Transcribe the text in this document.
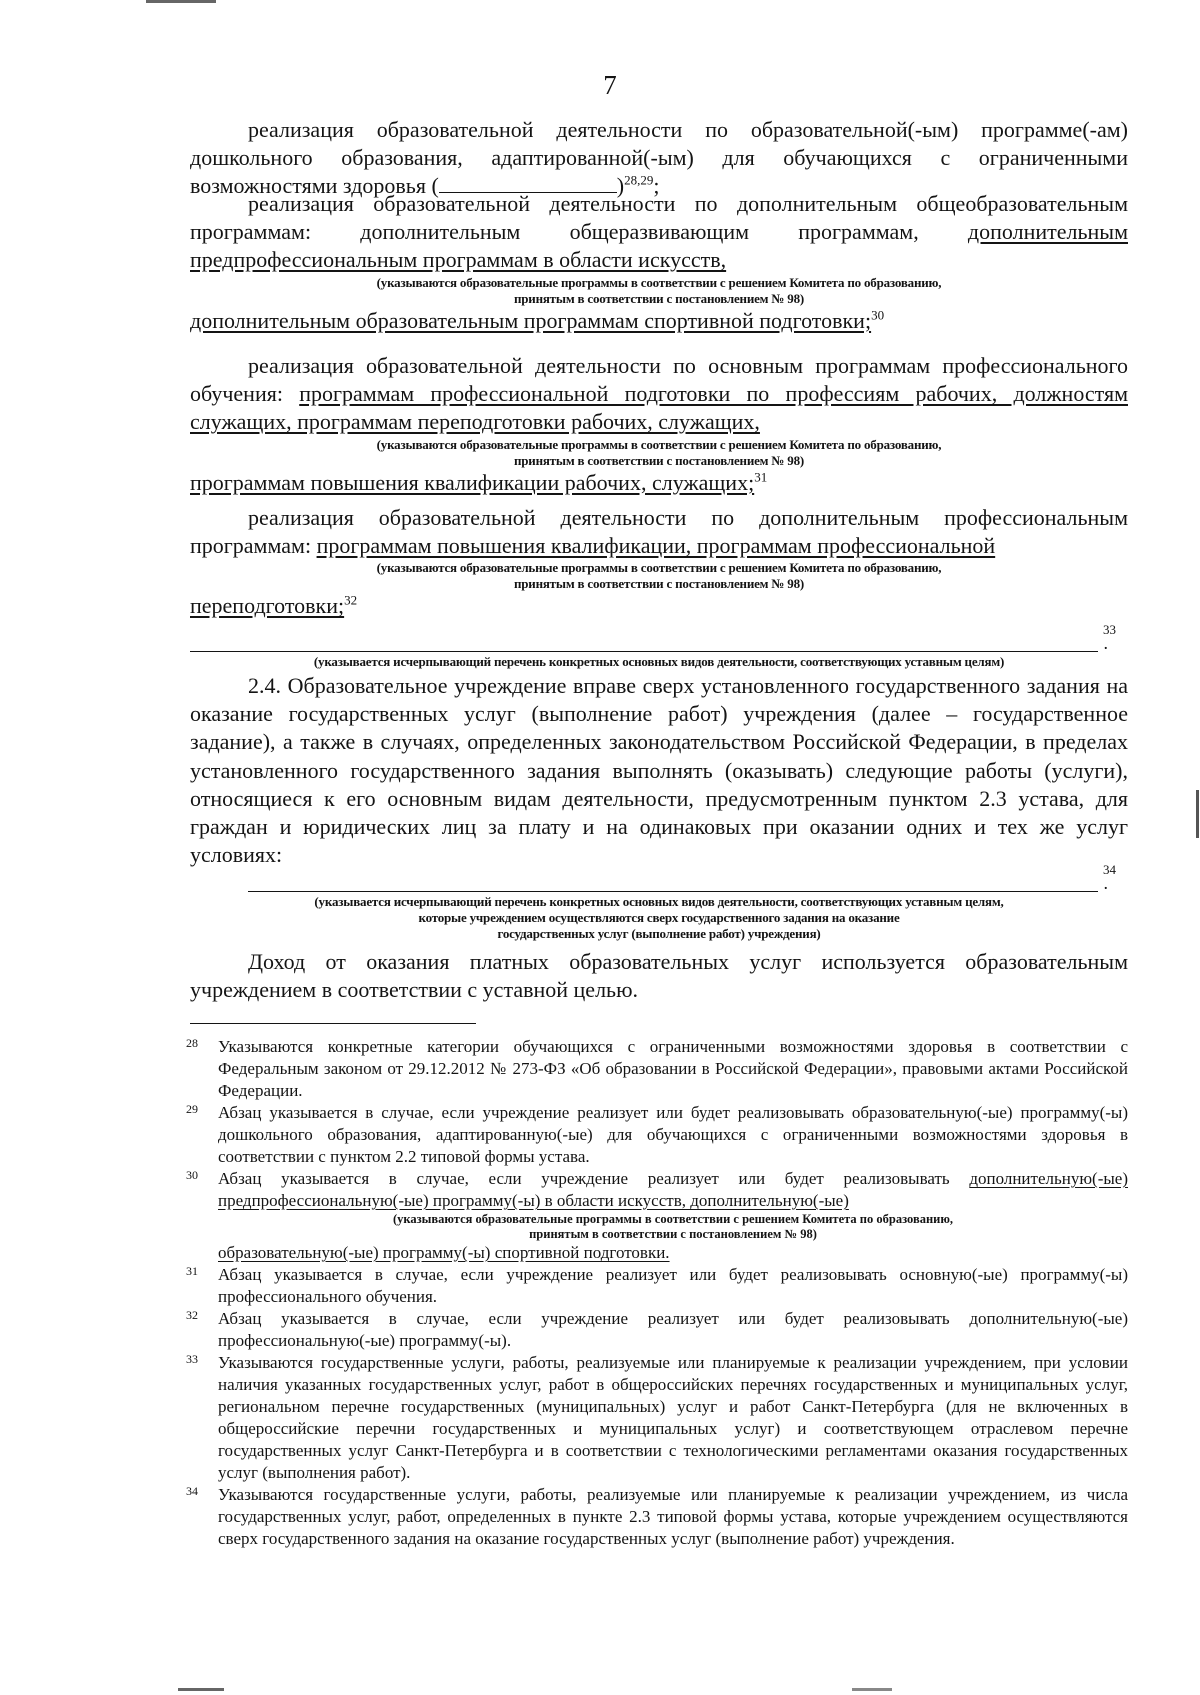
7

реализация образовательной деятельности по образовательной(-ым) программе(-ам) дошкольного образования, адаптированной(-ым) для обучающихся с ограниченными возможностями здоровья (	)$^{28,29}$;

реализация образовательной деятельности по дополнительным общеобразовательным программам: дополнительным общеразвивающим программам, дополнительным предпрофессиональным программам в области искусств,

(указываются образовательные программы в соответствии с решением Комитета по образованию,

принятым в соответствии с постановлением № 98)

дополнительным образовательным программам спортивной подготовки;$^{30}$

реализация образовательной деятельности по основным программам профессионального обучения: программам профессиональной подготовки по профессиям рабочих, должностям служащих, программам переподготовки рабочих, служащих,

(указываются образовательные программы в соответствии с решением Комитета по образованию,

принятым в соответствии с постановлением № 98)

программам повышения квалификации рабочих, служащих;$^{31}$

реализация образовательной деятельности по дополнительным профессиональным программам: программам повышения квалификации, программам профессиональной

(указываются образовательные программы в соответствии с решением Комитета по образованию,

принятым в соответствии с постановлением № 98)

переподготовки;$^{32}$

33
.

(указывается исчерпывающий перечень конкретных основных видов деятельности, соответствующих уставным целям)

2.4. Образовательное учреждение вправе сверх установленного государственного задания на оказание государственных услуг (выполнение работ) учреждения (далее – государственное задание), а также в случаях, определенных законодательством Российской Федерации, в пределах установленного государственного задания выполнять (оказывать) следующие работы (услуги), относящиеся к его основным видам деятельности, предусмотренным пунктом 2.3 устава, для граждан и юридических лиц за плату и на одинаковых при оказании одних и тех же услуг условиях:

34
.

(указывается исчерпывающий перечень конкретных основных видов деятельности, соответствующих уставным целям,

которые учреждением осуществляются сверх государственного задания на оказание

государственных услуг (выполнение работ) учреждения)

Доход от оказания платных образовательных услуг используется образовательным учреждением в соответствии с уставной целью.

28 Указываются конкретные категории обучающихся с ограниченными возможностями здоровья в соответствии с Федеральным законом от 29.12.2012 № 273-ФЗ «Об образовании в Российской Федерации», правовыми актами Российской Федерации.

29 Абзац указывается в случае, если учреждение реализует или будет реализовывать образовательную(-ые) программу(-ы) дошкольного образования, адаптированную(-ые) для обучающихся с ограниченными возможностями здоровья в соответствии с пунктом 2.2 типовой формы устава.

30 Абзац указывается в случае, если учреждение реализует или будет реализовывать дополнительную(-ые) предпрофессиональную(-ые) программу(-ы) в области искусств, дополнительную(-ые)

(указываются образовательные программы в соответствии с решением Комитета по образованию,

принятым в соответствии с постановлением № 98)

образовательную(-ые) программу(-ы) спортивной подготовки.

31 Абзац указывается в случае, если учреждение реализует или будет реализовывать основную(-ые) программу(-ы) профессионального обучения.

32 Абзац указывается в случае, если учреждение реализует или будет реализовывать дополнительную(-ые) профессиональную(-ые) программу(-ы).

33 Указываются государственные услуги, работы, реализуемые или планируемые к реализации учреждением, при условии наличия указанных государственных услуг, работ в общероссийских перечнях государственных и муниципальных услуг, региональном перечне государственных (муниципальных) услуг и работ Санкт-Петербурга (для не включенных в общероссийские перечни государственных и муниципальных услуг) и соответствующем отраслевом перечне государственных услуг Санкт-Петербурга и в соответствии с технологическими регламентами оказания государственных услуг (выполнения работ).

34 Указываются государственные услуги, работы, реализуемые или планируемые к реализации учреждением, из числа государственных услуг, работ, определенных в пункте 2.3 типовой формы устава, которые учреждением осуществляются сверх государственного задания на оказание государственных услуг (выполнение работ) учреждения.
